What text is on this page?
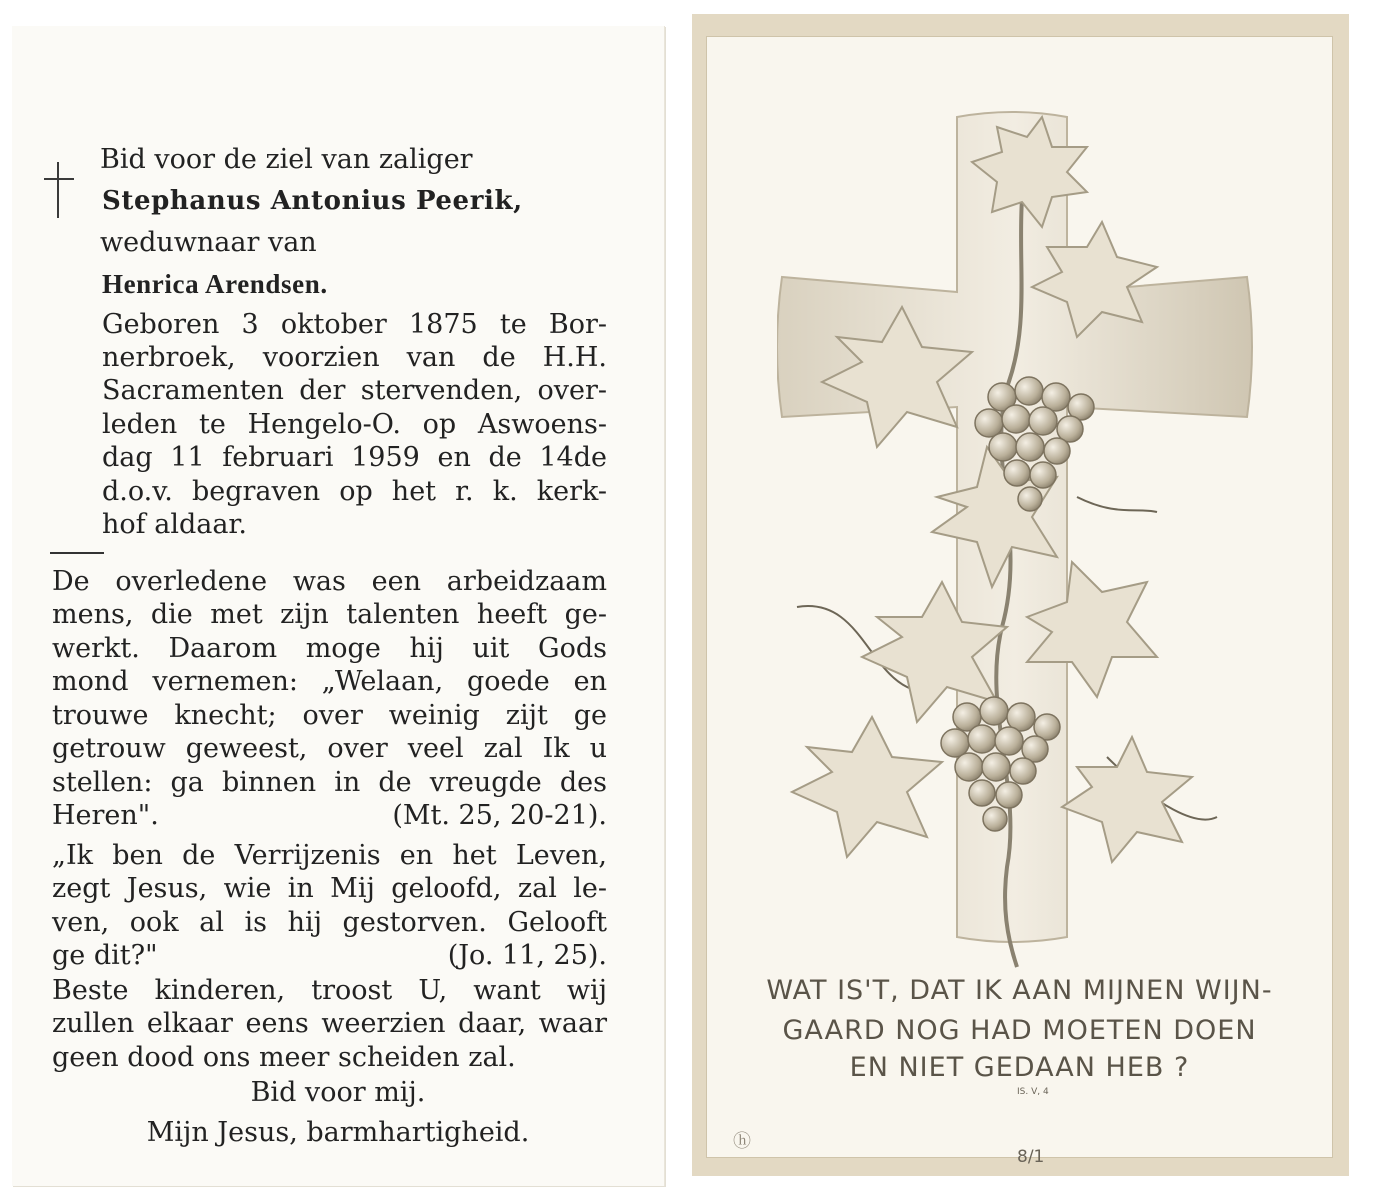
Bid voor de ziel van zaliger
Stephanus Antonius Peerik,
weduwnaar van
Henrica Arendsen.
Geboren 3 oktober 1875 te Bor-
nerbroek, voorzien van de H.H.
Sacramenten der stervenden, over-
leden te Hengelo-O. op Aswoens-
dag 11 februari 1959 en de 14de
d.o.v. begraven op het r. k. kerk-
hof aldaar.
De overledene was een arbeidzaam
mens, die met zijn talenten heeft ge-
werkt. Daarom moge hij uit Gods
mond vernemen: „Welaan, goede en
trouwe knecht; over weinig zijt ge
getrouw geweest, over veel zal Ik u
stellen: ga binnen in de vreugde des
Heren".	(Mt. 25, 20-21).
„Ik ben de Verrijzenis en het Leven,
zegt Jesus, wie in Mij geloofd, zal le-
ven, ook al is hij gestorven. Gelooft
ge dit?"	(Jo. 11, 25).
Beste kinderen, troost U, want wij
zullen elkaar eens weerzien daar, waar
geen dood ons meer scheiden zal.
Bid voor mij.
Mijn Jesus, barmhartigheid.
WAT IS'T, DAT IK AAN MIJNEN WIJN-
GAARD NOG HAD MOETEN DOEN
EN NIET GEDAAN HEB ?
IS. V, 4
ⓗ
8/1
